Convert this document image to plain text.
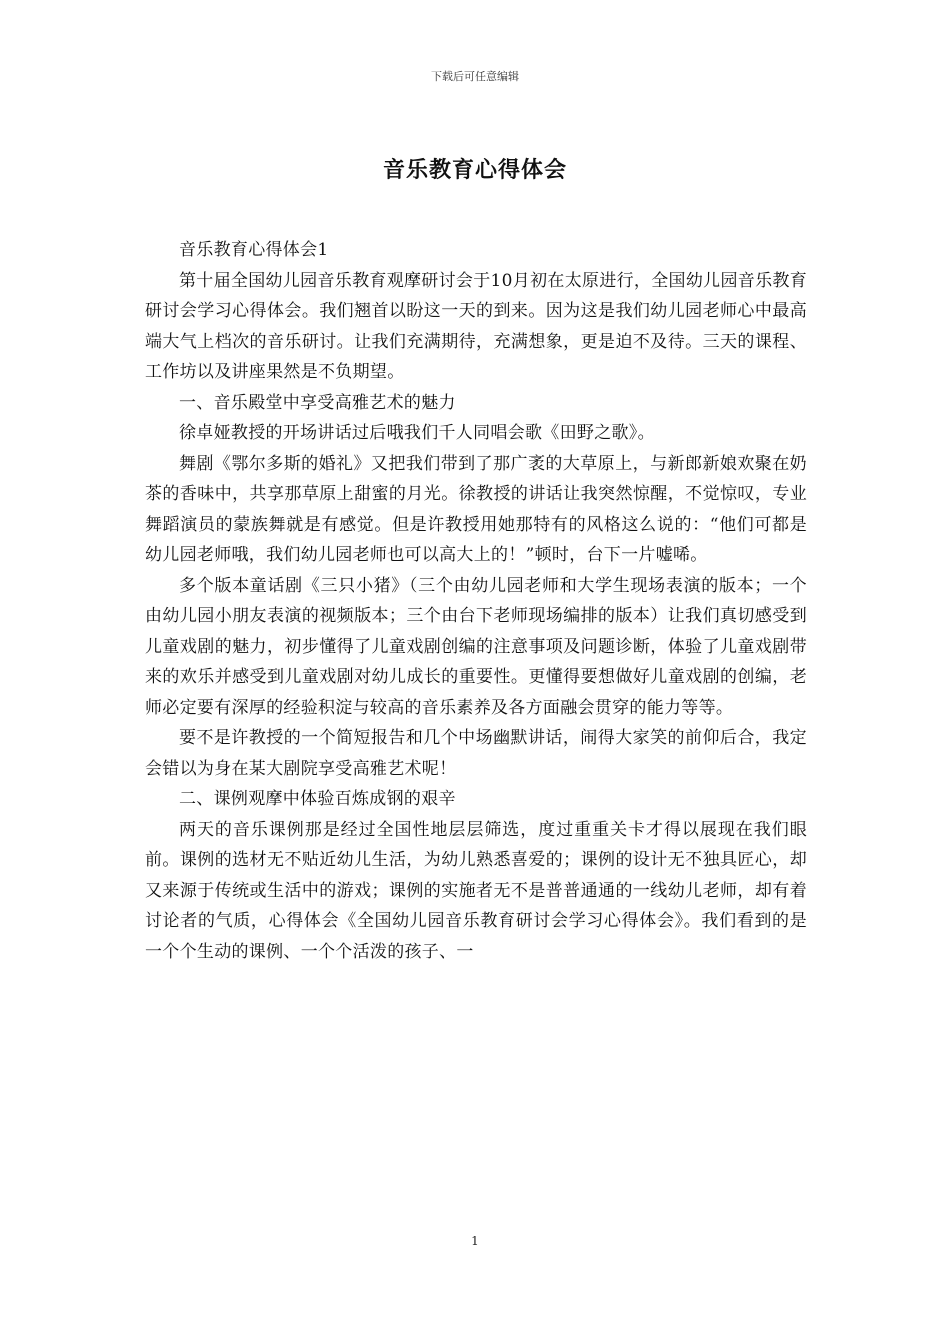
下载后可任意编辑
音乐教育心得体会

音乐教育心得体会1

第十届全国幼儿园音乐教育观摩研讨会于10月初在太原进行，全国幼儿园音乐教育研讨会学习心得体会。我们翘首以盼这一天的到来。因为这是我们幼儿园老师心中最高端大气上档次的音乐研讨。让我们充满期待，充满想象，更是迫不及待。三天的课程、工作坊以及讲座果然是不负期望。

一、音乐殿堂中享受高雅艺术的魅力

徐卓娅教授的开场讲话过后哦我们千人同唱会歌《田野之歌》。

舞剧《鄂尔多斯的婚礼》又把我们带到了那广袤的大草原上，与新郎新娘欢聚在奶茶的香味中，共享那草原上甜蜜的月光。徐教授的讲话让我突然惊醒，不觉惊叹，专业舞蹈演员的蒙族舞就是有感觉。但是许教授用她那特有的风格这么说的：“他们可都是幼儿园老师哦，我们幼儿园老师也可以高大上的！”顿时，台下一片嘘唏。

多个版本童话剧《三只小猪》（三个由幼儿园老师和大学生现场表演的版本；一个由幼儿园小朋友表演的视频版本；三个由台下老师现场编排的版本）让我们真切感受到儿童戏剧的魅力，初步懂得了儿童戏剧创编的注意事项及问题诊断，体验了儿童戏剧带来的欢乐并感受到儿童戏剧对幼儿成长的重要性。更懂得要想做好儿童戏剧的创编，老师必定要有深厚的经验积淀与较高的音乐素养及各方面融会贯穿的能力等等。

要不是许教授的一个简短报告和几个中场幽默讲话，闹得大家笑的前仰后合，我定会错以为身在某大剧院享受高雅艺术呢！

二、课例观摩中体验百炼成钢的艰辛

两天的音乐课例那是经过全国性地层层筛选，度过重重关卡才得以展现在我们眼前。课例的选材无不贴近幼儿生活，为幼儿熟悉喜爱的；课例的设计无不独具匠心，却又来源于传统或生活中的游戏；课例的实施者无不是普普通通的一线幼儿老师，却有着讨论者的气质，心得体会《全国幼儿园音乐教育研讨会学习心得体会》。我们看到的是一个个生动的课例、一个个活泼的孩子、一

1
